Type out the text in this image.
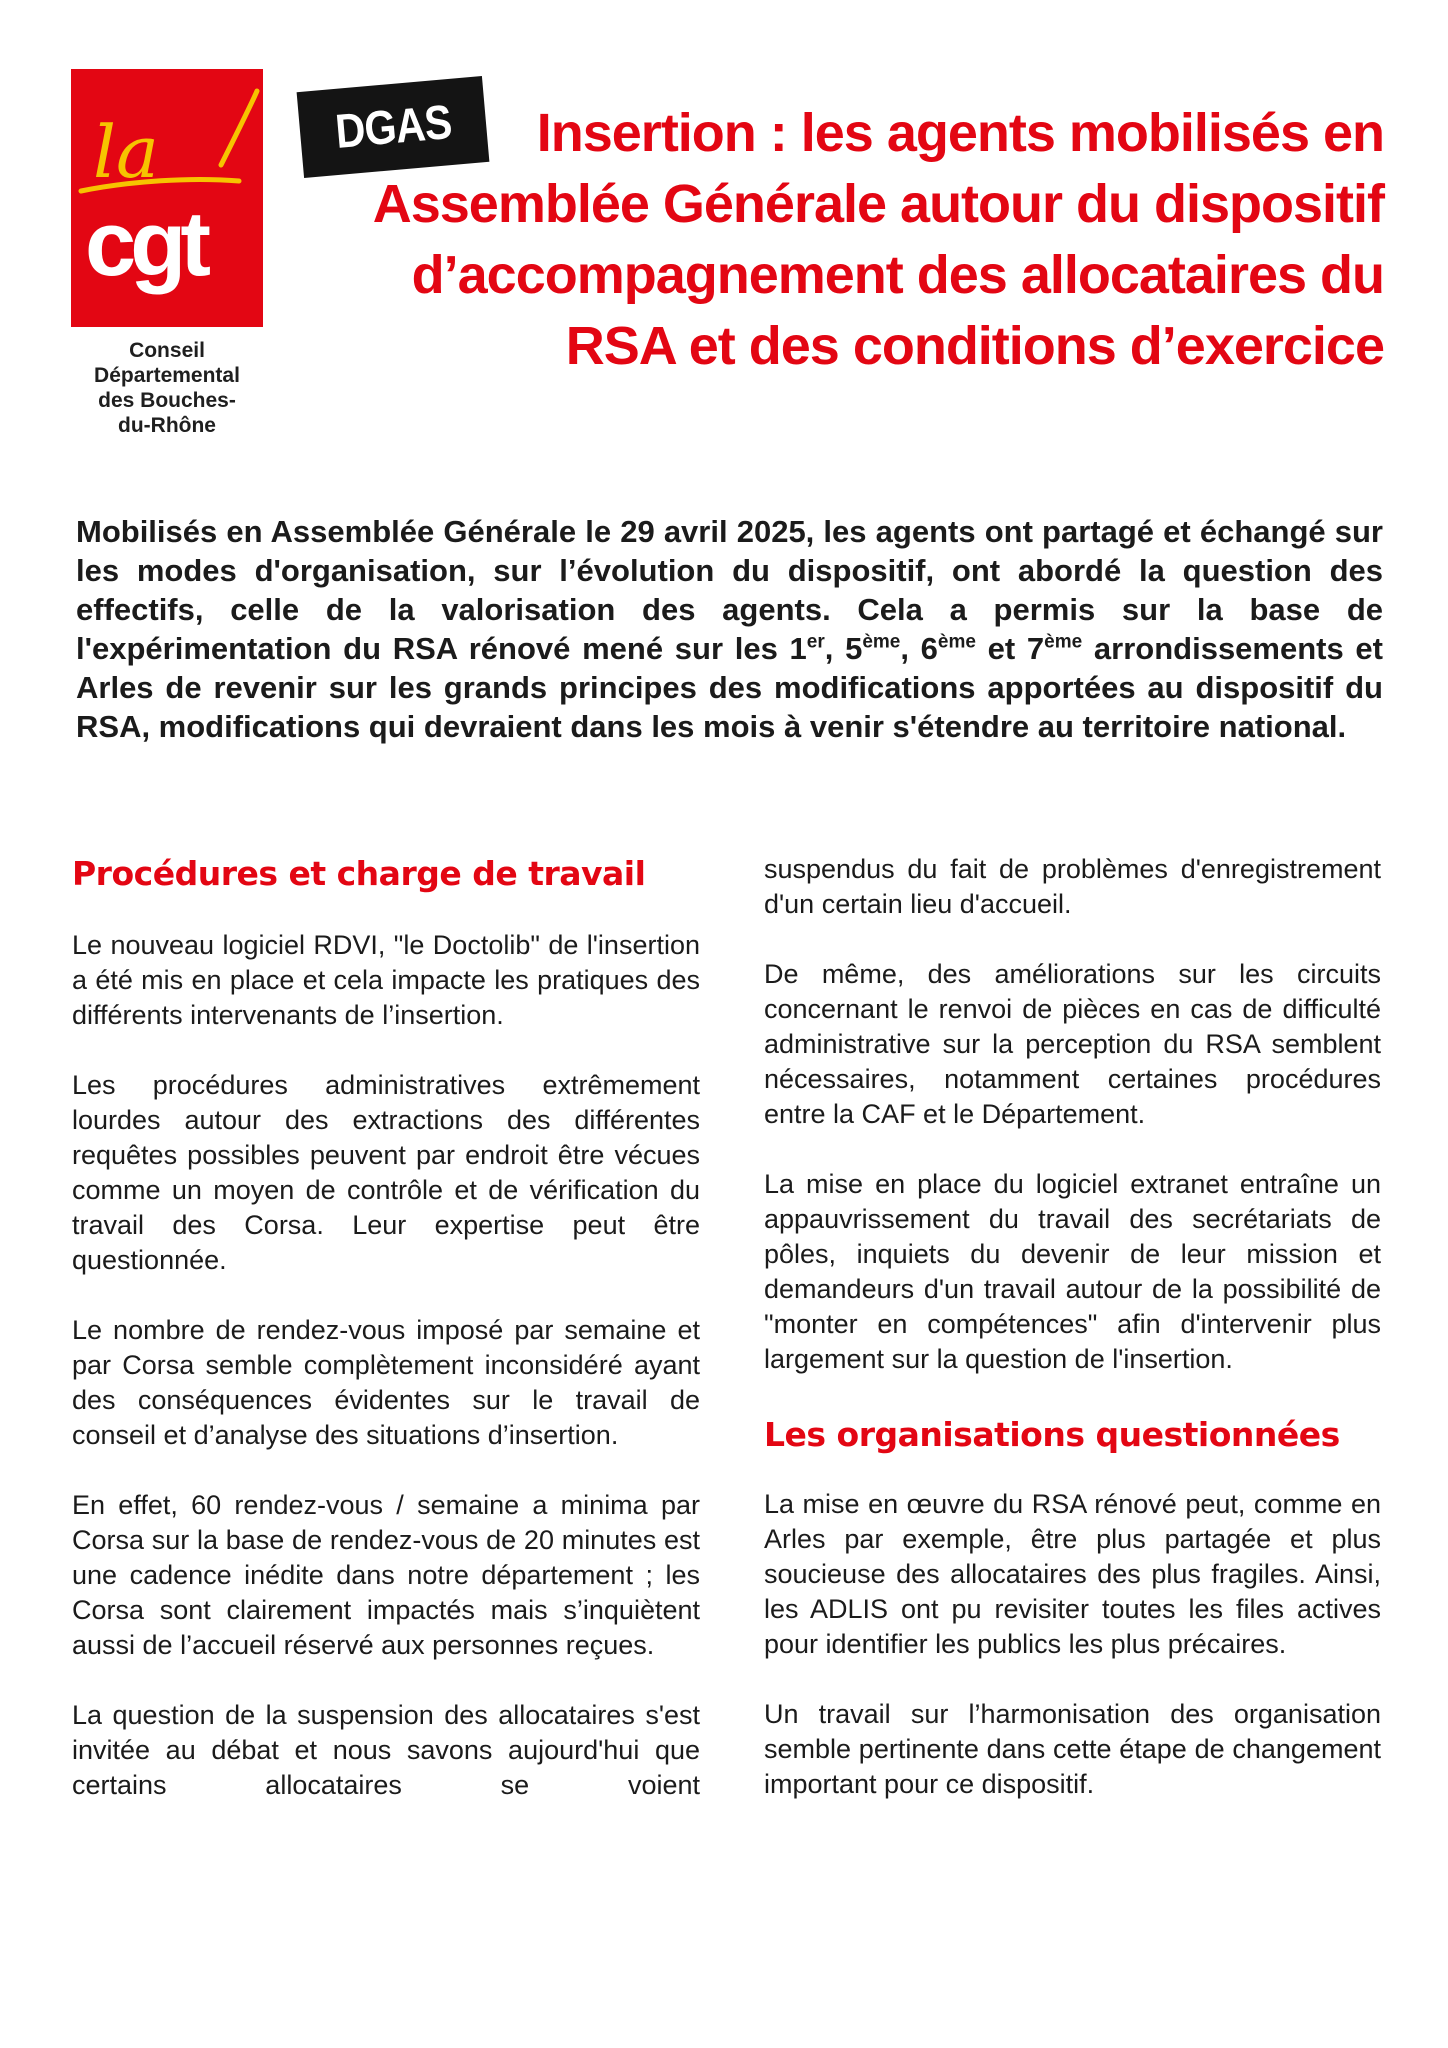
la
cgt
Conseil
Départemental
des Bouches-
du-Rhône
DGAS	Insertion : les agents mobilisés en
Assemblée Générale autour du dispositif
d’accompagnement des allocataires du
RSA et des conditions d’exercice

Mobilisés en Assemblée Générale le 29 avril 2025, les agents ont partagé et échangé sur les modes d'organisation, sur l’évolution du dispositif, ont abordé la question des effectifs, celle de la valorisation des agents. Cela a permis sur la base de l'expérimentation du RSA rénové mené sur les 1er, 5ème, 6ème et 7ème arrondissements et Arles de revenir sur les grands principes des modifications apportées au dispositif du RSA, modifications qui devraient dans les mois à venir s'étendre au territoire national.

Procédures et charge de travail

Le nouveau logiciel RDVI, "le Doctolib" de l'insertion a été mis en place et cela impacte les pratiques des différents intervenants de l’insertion.

Les procédures administratives extrêmement lourdes autour des extractions des différentes requêtes possibles peuvent par endroit être vécues comme un moyen de contrôle et de vérification du travail des Corsa. Leur expertise peut être questionnée.

Le nombre de rendez-vous imposé par semaine et par Corsa semble complètement inconsidéré ayant des conséquences évidentes sur le travail de conseil et d’analyse des situations d’insertion.

En effet, 60 rendez-vous / semaine a minima par Corsa sur la base de rendez-vous de 20 minutes est une cadence inédite dans notre département ; les Corsa sont clairement impactés mais s’inquiètent aussi de l’accueil réservé aux personnes reçues.

La question de la suspension des allocataires s'est invitée au débat et nous savons aujourd'hui que certains allocataires se voient

suspendus du fait de problèmes d'enregistrement d'un certain lieu d'accueil.

De même, des améliorations sur les circuits concernant le renvoi de pièces en cas de difficulté administrative sur la perception du RSA semblent nécessaires, notamment certaines procédures entre la CAF et le Département.

La mise en place du logiciel extranet entraîne un appauvrissement du travail des secrétariats de pôles, inquiets du devenir de leur mission et demandeurs d'un travail autour de la possibilité de "monter en compétences" afin d'intervenir plus largement sur la question de l'insertion.

Les organisations questionnées

La mise en œuvre du RSA rénové peut, comme en Arles par exemple, être plus partagée et plus soucieuse des allocataires des plus fragiles. Ainsi, les ADLIS ont pu revisiter toutes les files actives pour identifier les publics les plus précaires.

Un travail sur l’harmonisation des organisation semble pertinente dans cette étape de changement important pour ce dispositif.
